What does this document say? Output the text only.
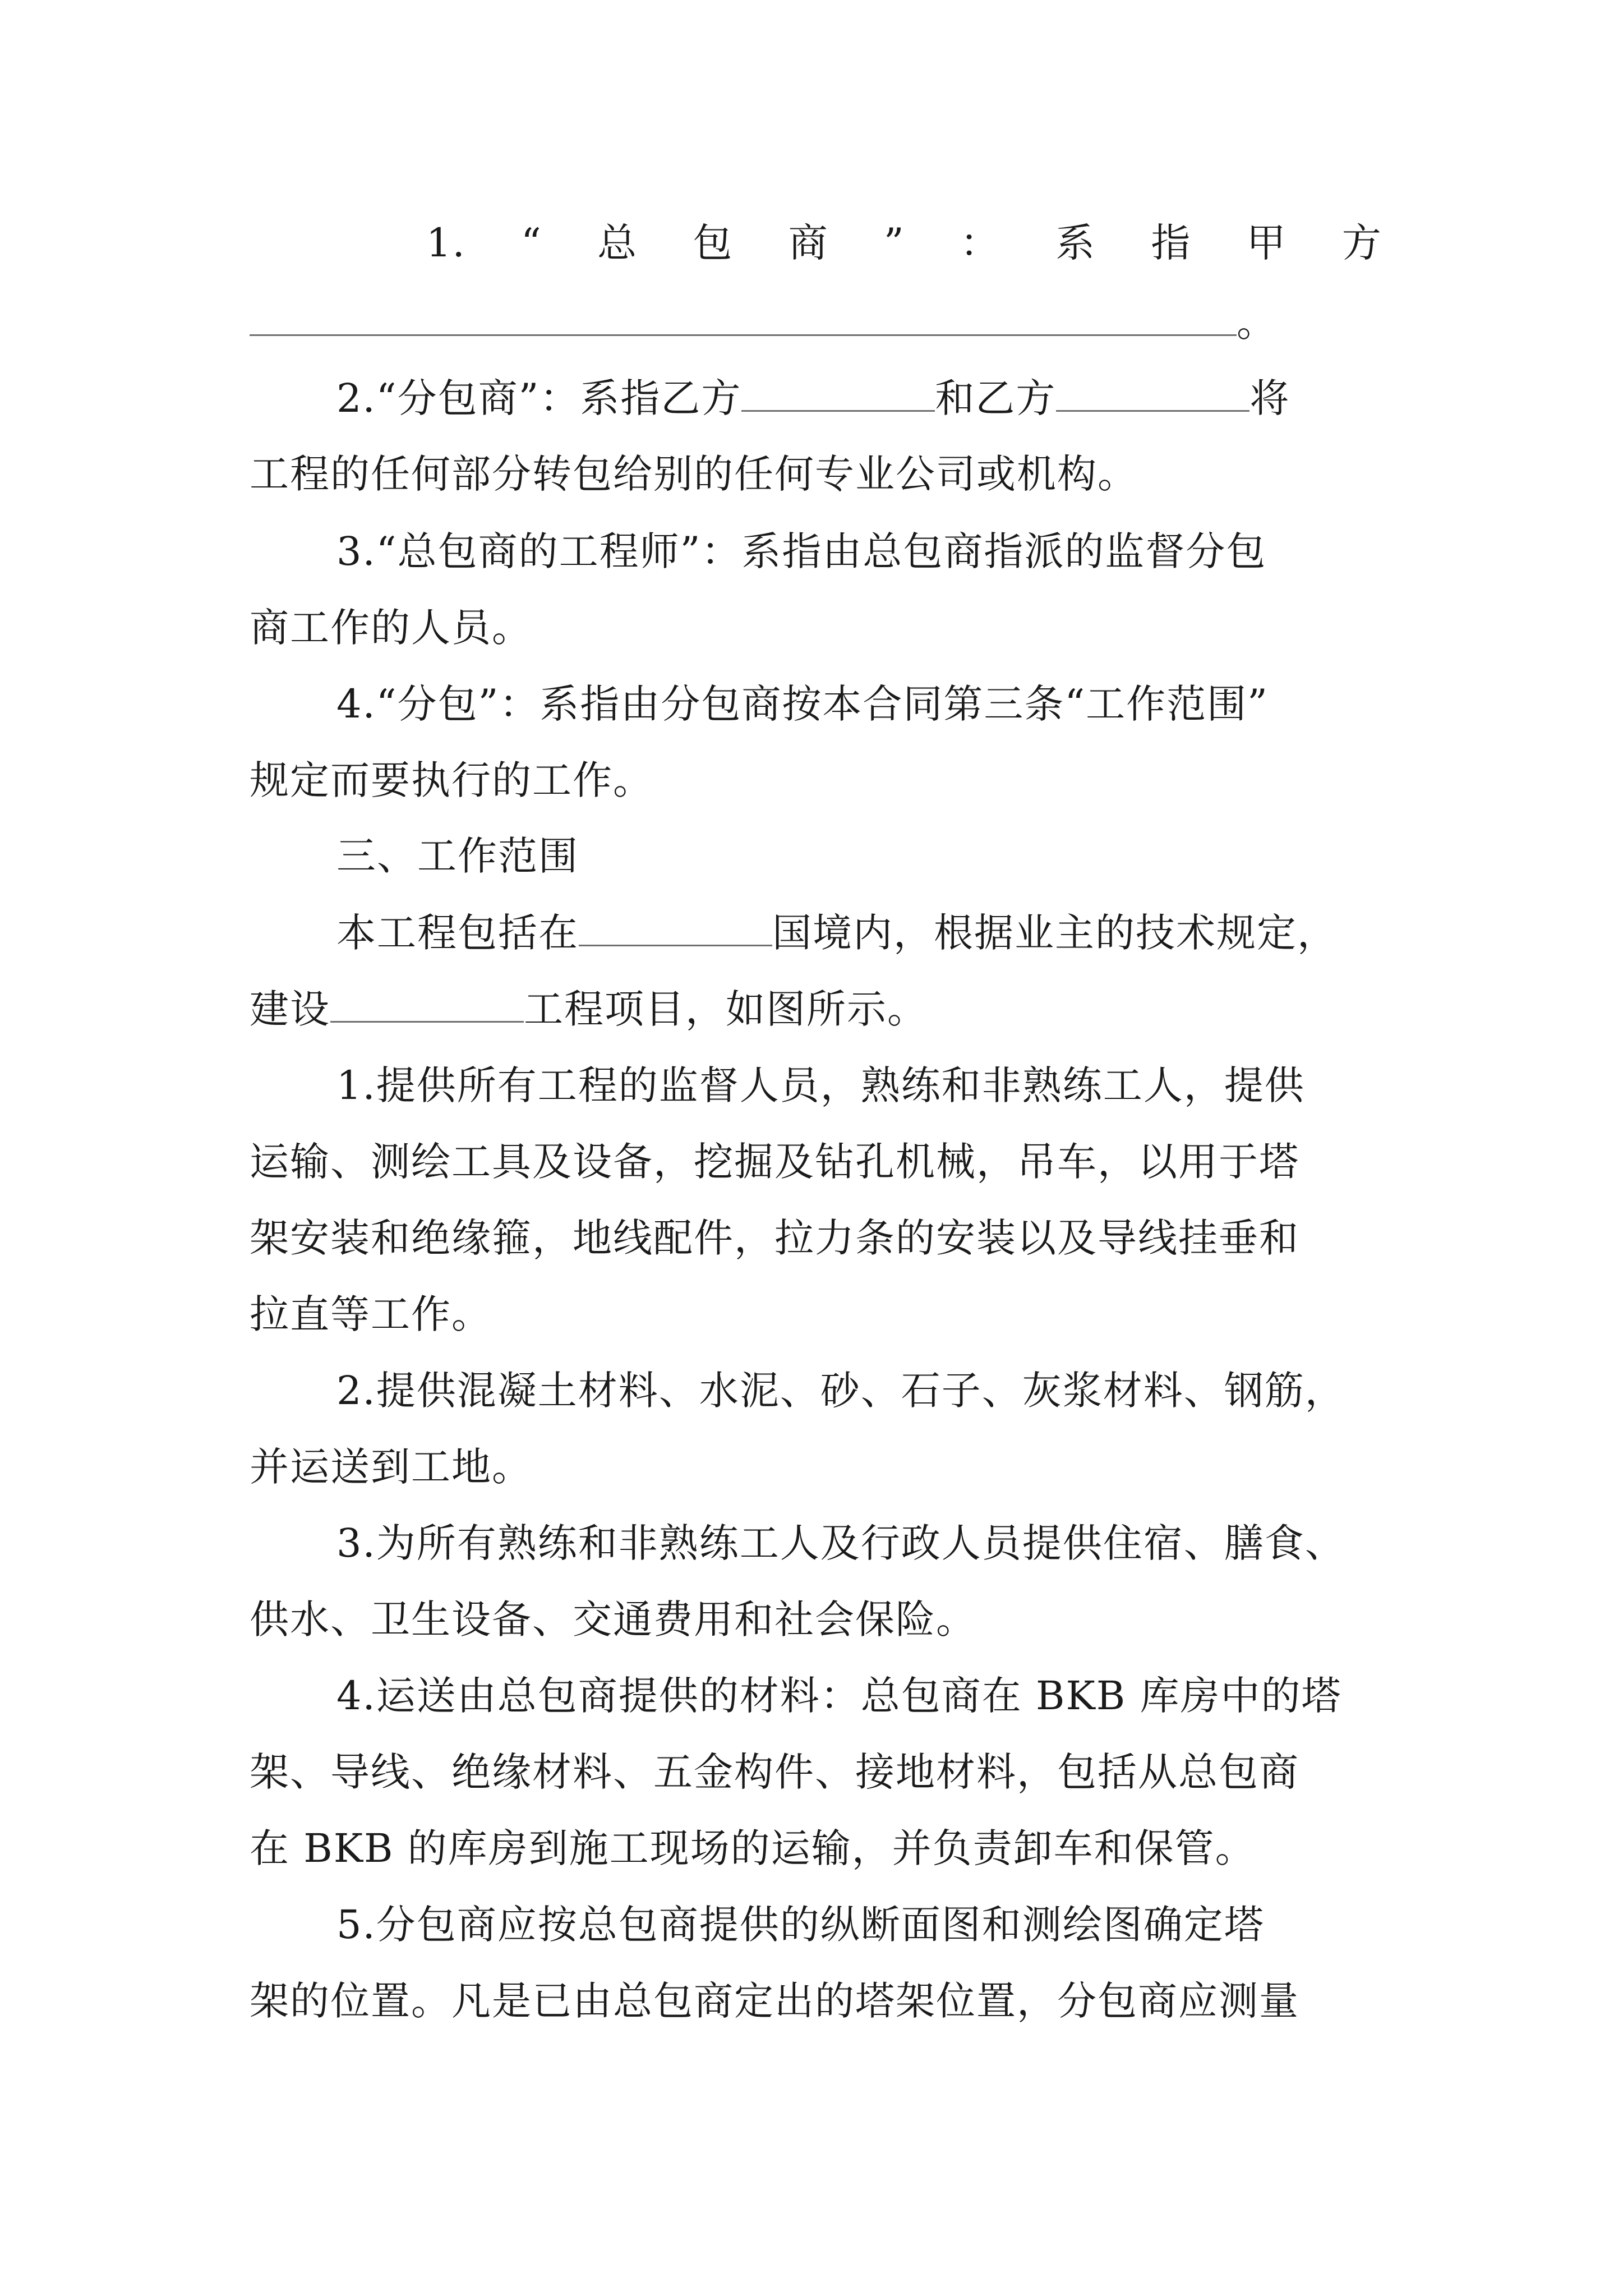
1. “ 总 包 商 ” ： 系 指 甲 方
。
2.“分包商”：系指乙方	和乙方	将
工程的任何部分转包给别的任何专业公司或机构。
3.“总包商的工程师”：系指由总包商指派的监督分包
商工作的人员。
4.“分包”：系指由分包商按本合同第三条“工作范围”
规定而要执行的工作。
三、工作范围
本工程包括在	国境内，根据业主的技术规定，
建设	工程项目，如图所示。
1.提供所有工程的监督人员，熟练和非熟练工人，提供
运输、测绘工具及设备，挖掘及钻孔机械，吊车，以用于塔
架安装和绝缘箍，地线配件，拉力条的安装以及导线挂垂和
拉直等工作。
2.提供混凝土材料、水泥、砂、石子、灰浆材料、钢筋，
并运送到工地。
3.为所有熟练和非熟练工人及行政人员提供住宿、膳食、
供水、卫生设备、交通费用和社会保险。
4.运送由总包商提供的材料：总包商在 BKB 库房中的塔
架、导线、绝缘材料、五金构件、接地材料，包括从总包商
在 BKB 的库房到施工现场的运输，并负责卸车和保管。
5.分包商应按总包商提供的纵断面图和测绘图确定塔
架的位置。凡是已由总包商定出的塔架位置，分包商应测量
